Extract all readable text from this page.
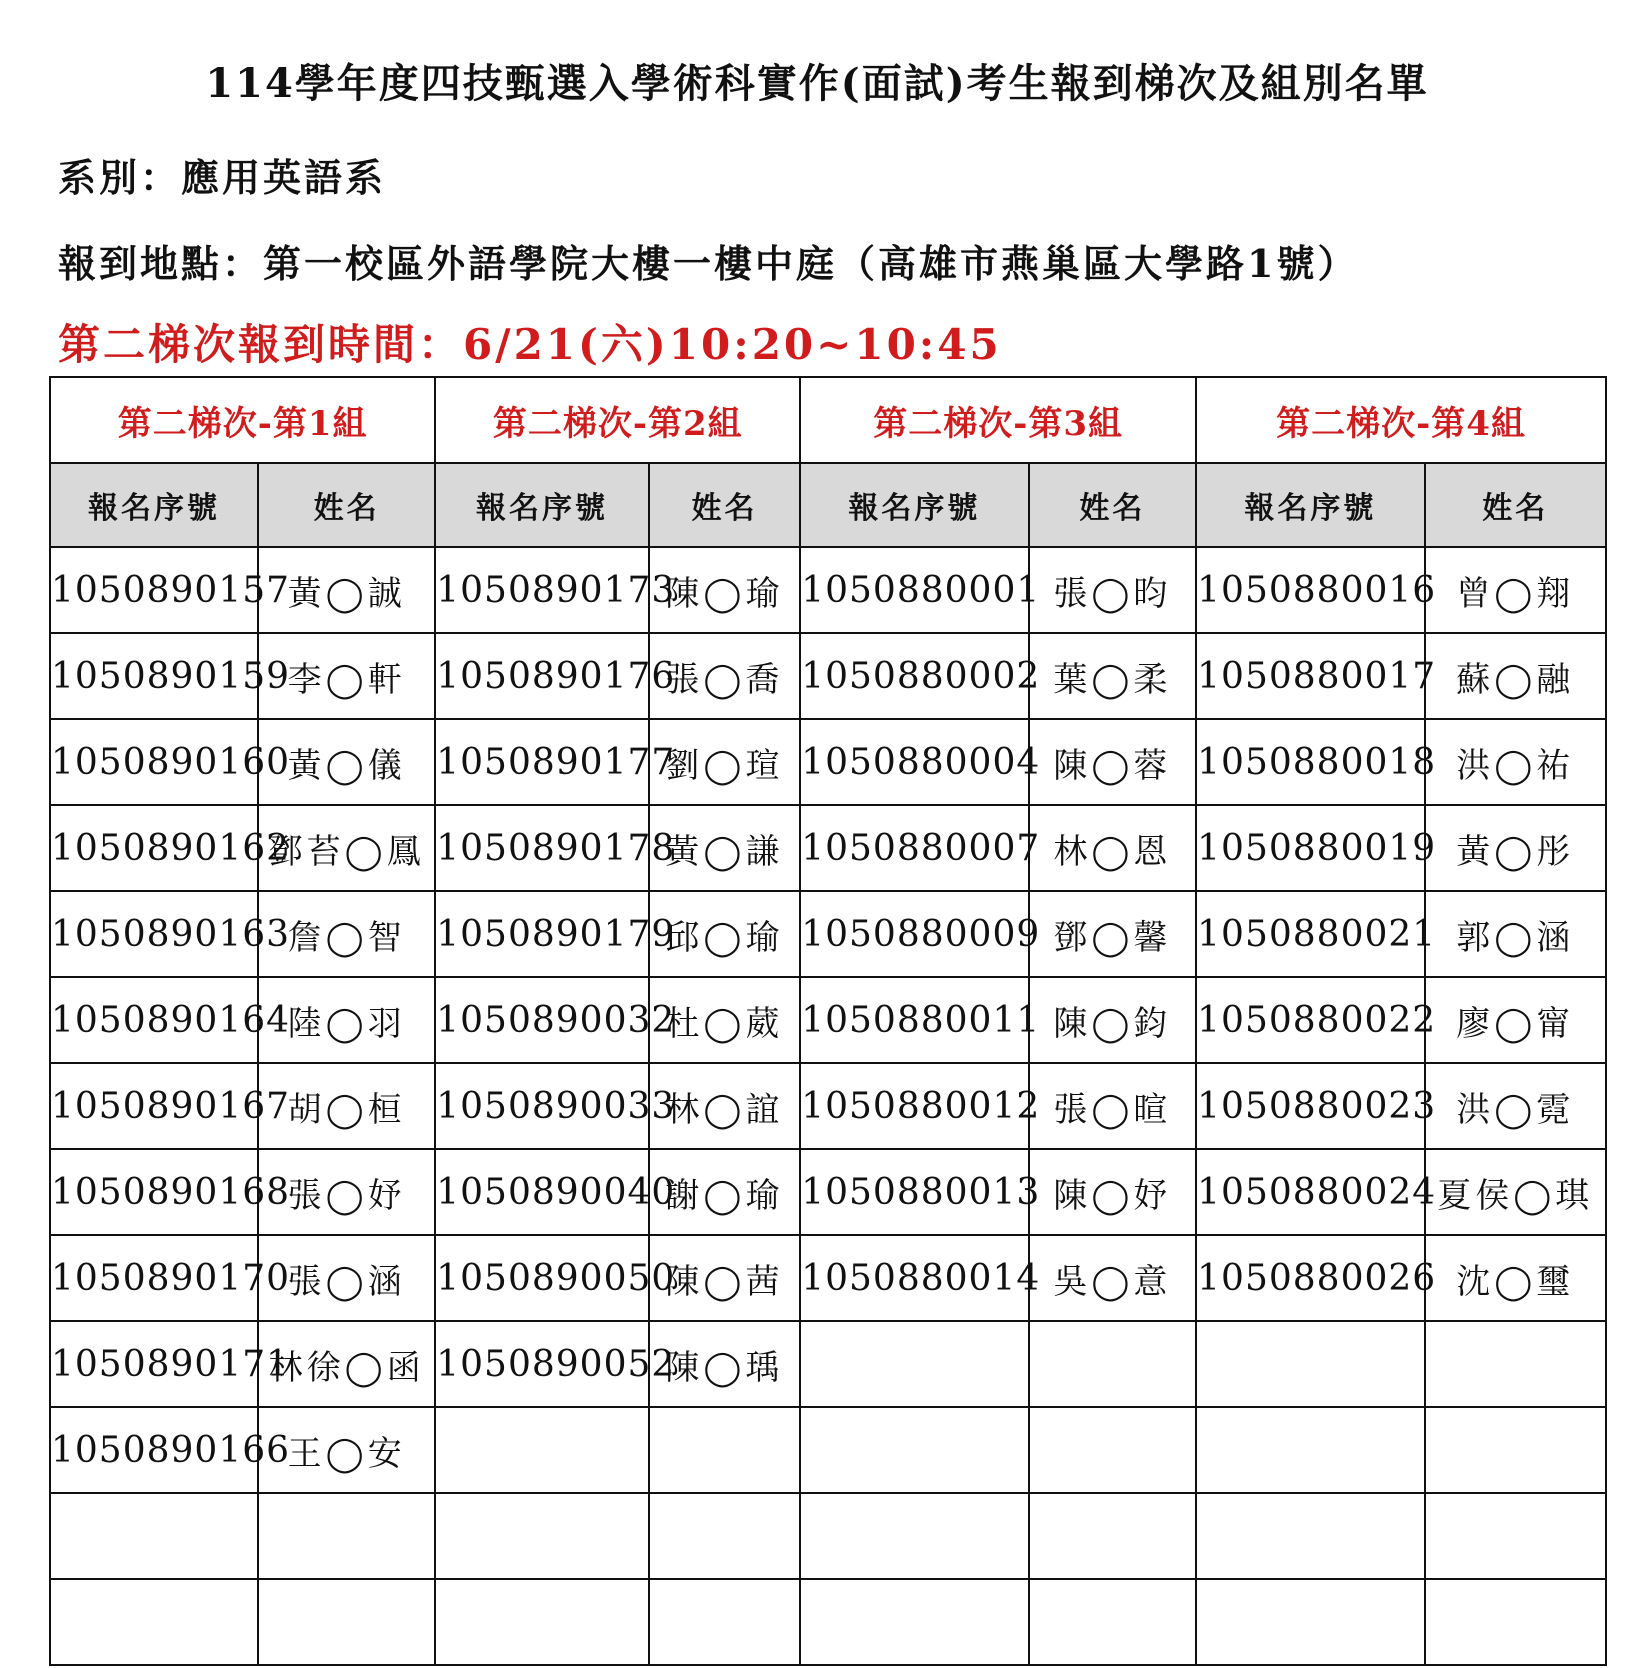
114學年度四技甄選入學術科實作(面試)考生報到梯次及組別名單
系別：應用英語系
報到地點：第一校區外語學院大樓一樓中庭（高雄市燕巢區大學路1號）
第二梯次報到時間：6/21(六)10:20~10:45
第二梯次-第1組		第二梯次-第2組		第二梯次-第3組		第二梯次-第4組	
報名序號	姓名	報名序號	姓名	報名序號	姓名	報名序號	姓名
1050890157	黃◯誠	1050890173	陳◯瑜	1050880001	張◯昀	1050880016	曾◯翔
1050890159	李◯軒	1050890176	張◯喬	1050880002	葉◯柔	1050880017	蘇◯融
1050890160	黃◯儀	1050890177	劉◯瑄	1050880004	陳◯蓉	1050880018	洪◯祐
1050890162	鄧苔◯鳳	1050890178	黃◯謙	1050880007	林◯恩	1050880019	黃◯彤
1050890163	詹◯智	1050890179	邱◯瑜	1050880009	鄧◯馨	1050880021	郭◯涵
1050890164	陸◯羽	1050890032	杜◯葳	1050880011	陳◯鈞	1050880022	廖◯甯
1050890167	胡◯桓	1050890033	林◯誼	1050880012	張◯暄	1050880023	洪◯霓
1050890168	張◯妤	1050890040	謝◯瑜	1050880013	陳◯妤	1050880024	夏侯◯琪
1050890170	張◯涵	1050890050	陳◯茜	1050880014	吳◯意	1050880026	沈◯璽
1050890171	林徐◯函	1050890052	陳◯瑀				
1050890166	王◯安						
